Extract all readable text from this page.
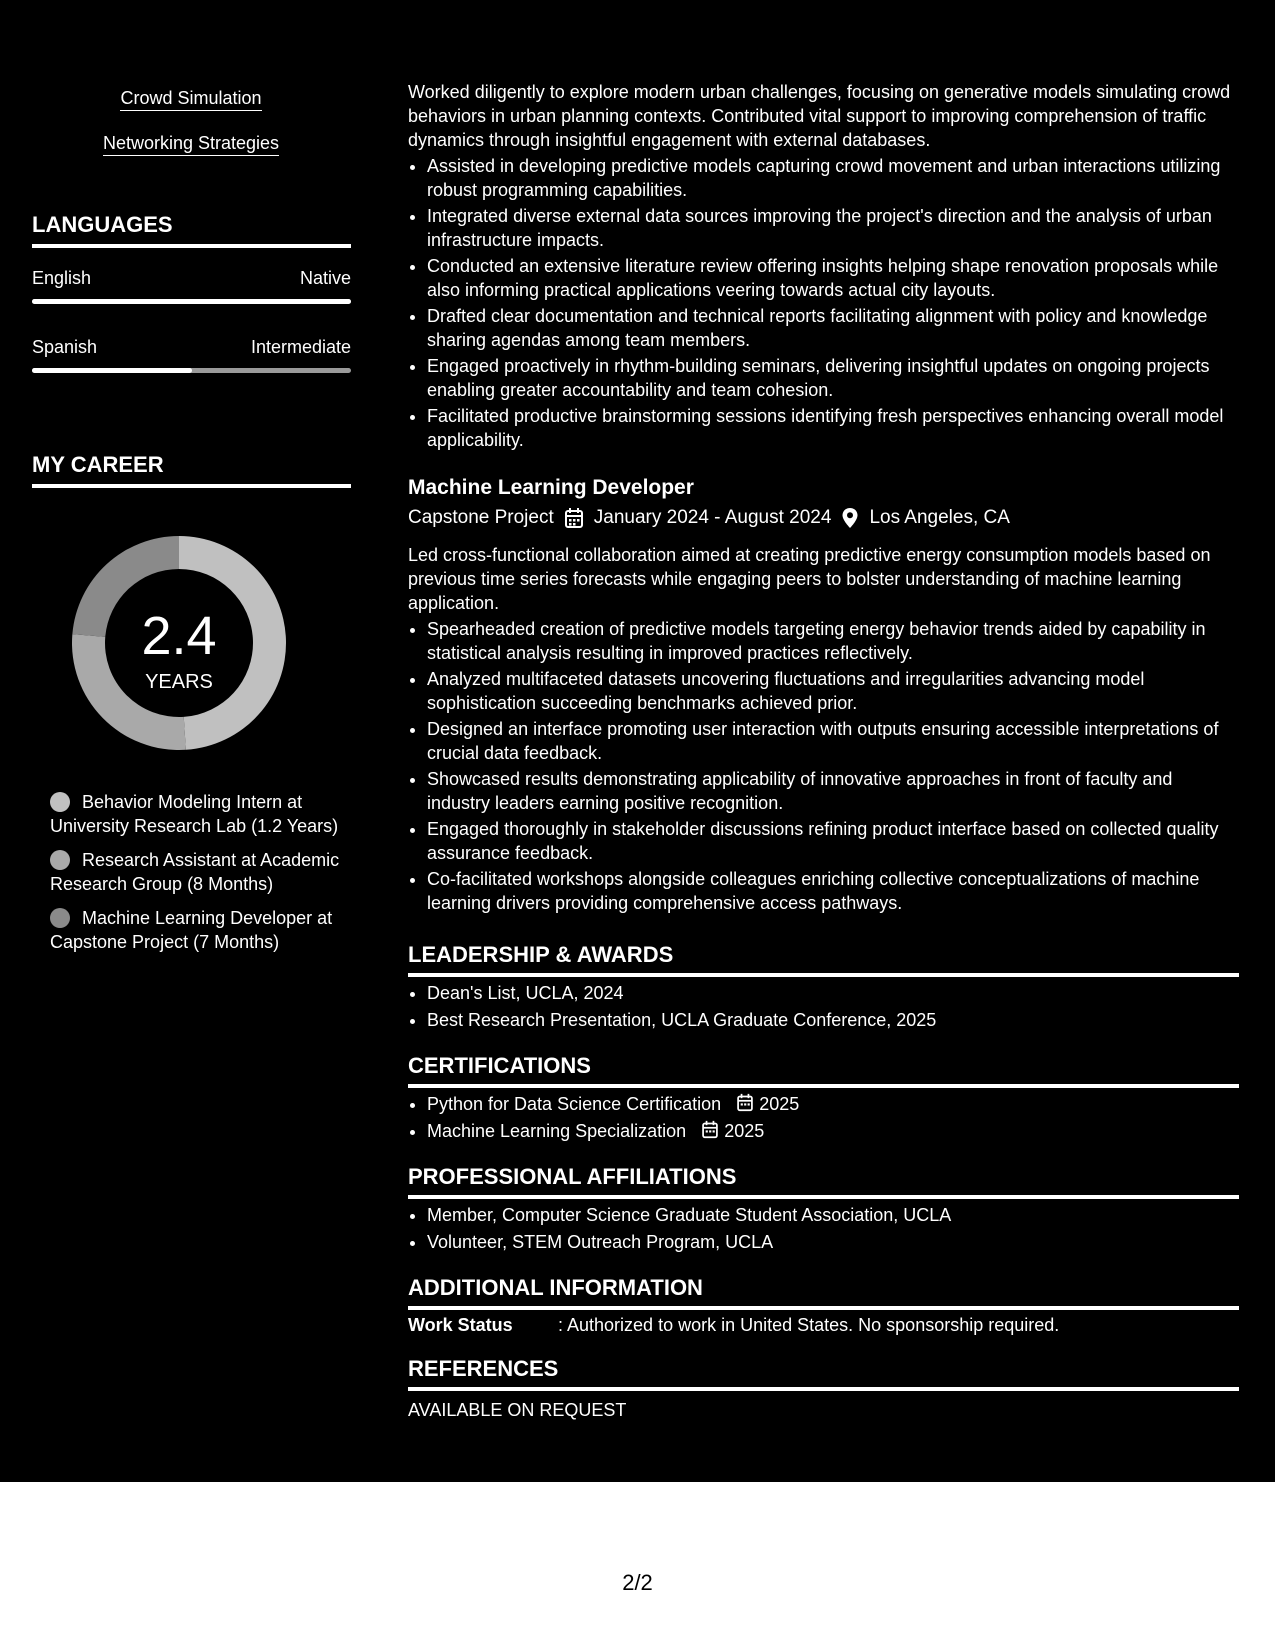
Crowd Simulation
Networking Strategies
LANGUAGES
English	Native
Spanish	Intermediate
MY CAREER
2.4
YEARS
Behavior Modeling Intern at University Research Lab (1.2 Years)
Research Assistant at Academic Research Group (8 Months)
Machine Learning Developer at Capstone Project (7 Months)
Worked diligently to explore modern urban challenges, focusing on generative models simulating crowd behaviors in urban planning contexts. Contributed vital support to improving comprehension of traffic dynamics through insightful engagement with external databases.
• Assisted in developing predictive models capturing crowd movement and urban interactions utilizing robust programming capabilities.
• Integrated diverse external data sources improving the project's direction and the analysis of urban infrastructure impacts.
• Conducted an extensive literature review offering insights helping shape renovation proposals while also informing practical applications veering towards actual city layouts.
• Drafted clear documentation and technical reports facilitating alignment with policy and knowledge sharing agendas among team members.
• Engaged proactively in rhythm-building seminars, delivering insightful updates on ongoing projects enabling greater accountability and team cohesion.
• Facilitated productive brainstorming sessions identifying fresh perspectives enhancing overall model applicability.
Machine Learning Developer
Capstone Project January 2024 - August 2024 Los Angeles, CA
Led cross-functional collaboration aimed at creating predictive energy consumption models based on previous time series forecasts while engaging peers to bolster understanding of machine learning application.
• Spearheaded creation of predictive models targeting energy behavior trends aided by capability in statistical analysis resulting in improved practices reflectively.
• Analyzed multifaceted datasets uncovering fluctuations and irregularities advancing model sophistication succeeding benchmarks achieved prior.
• Designed an interface promoting user interaction with outputs ensuring accessible interpretations of crucial data feedback.
• Showcased results demonstrating applicability of innovative approaches in front of faculty and industry leaders earning positive recognition.
• Engaged thoroughly in stakeholder discussions refining product interface based on collected quality assurance feedback.
• Co-facilitated workshops alongside colleagues enriching collective conceptualizations of machine learning drivers providing comprehensive access pathways.
LEADERSHIP & AWARDS
• Dean's List, UCLA, 2024
• Best Research Presentation, UCLA Graduate Conference, 2025
CERTIFICATIONS
• Python for Data Science Certification 2025
• Machine Learning Specialization 2025
PROFESSIONAL AFFILIATIONS
• Member, Computer Science Graduate Student Association, UCLA
• Volunteer, STEM Outreach Program, UCLA
ADDITIONAL INFORMATION
Work Status	: Authorized to work in United States. No sponsorship required.
REFERENCES
AVAILABLE ON REQUEST
2/2
